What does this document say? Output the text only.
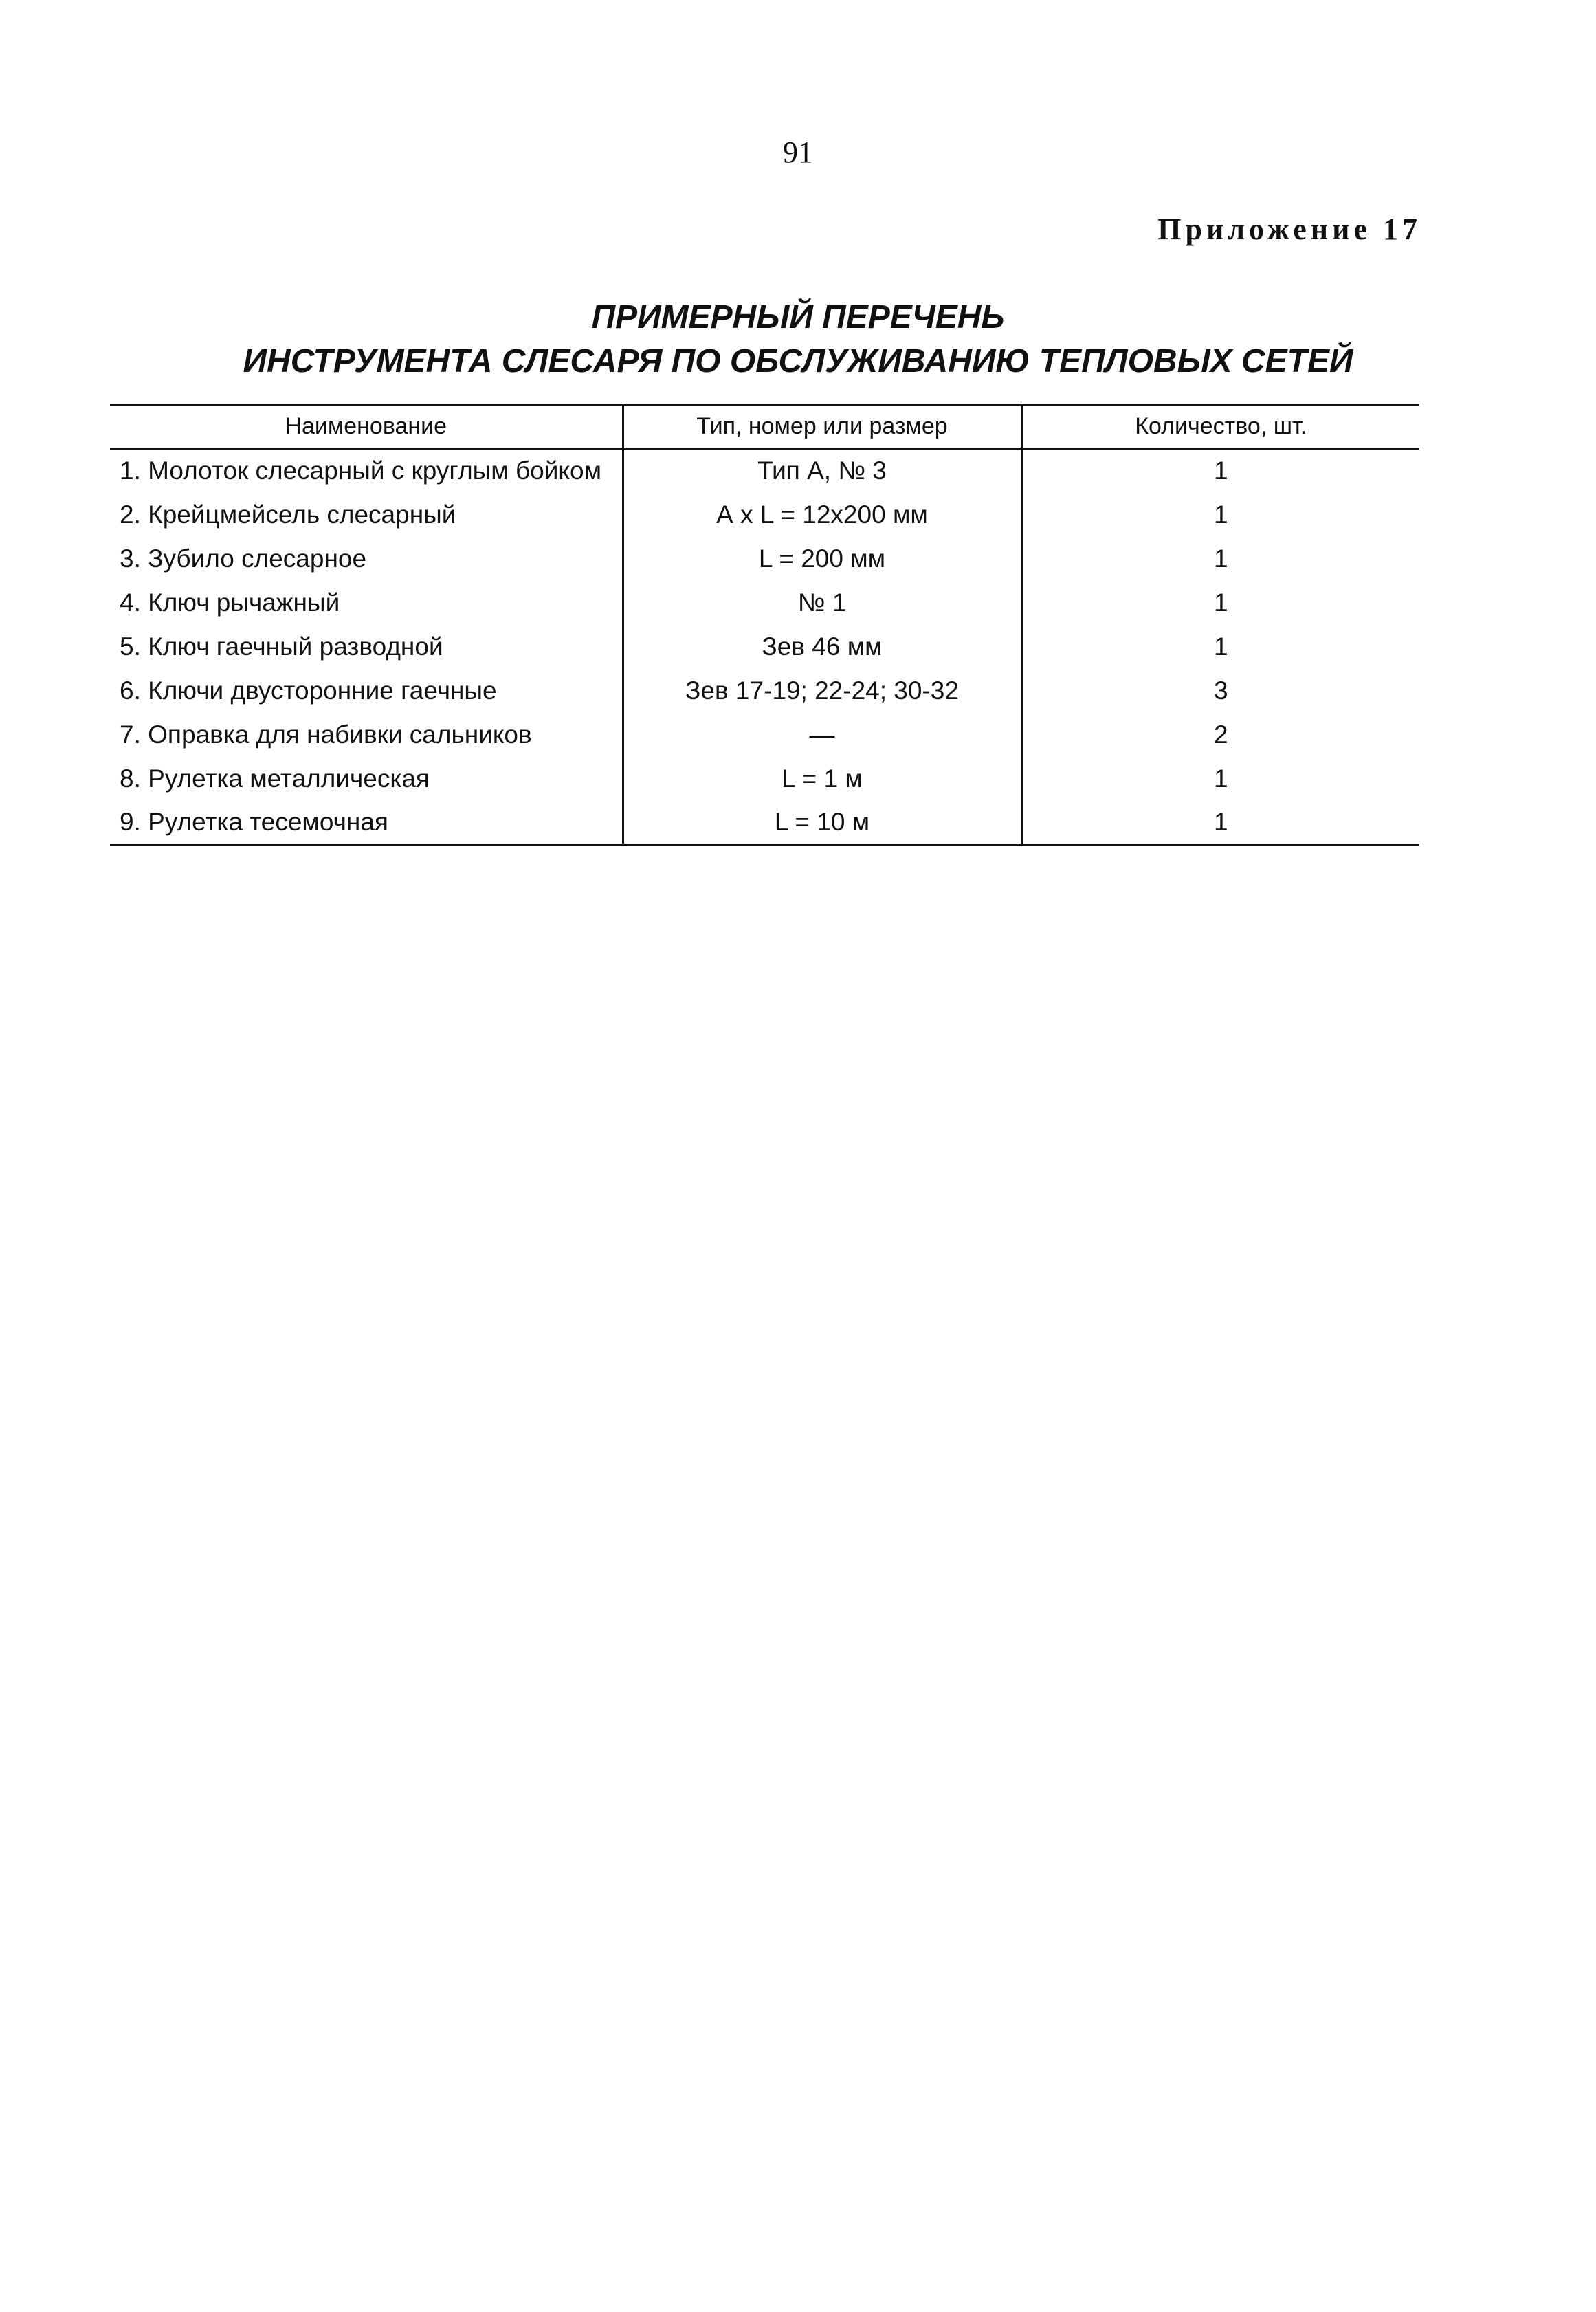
91
Приложение 17
ПРИМЕРНЫЙ ПЕРЕЧЕНЬ
ИНСТРУМЕНТА СЛЕСАРЯ ПО ОБСЛУЖИВАНИЮ ТЕПЛОВЫХ СЕТЕЙ
Наименование	Тип, номер или размер	Количество, шт.
1. Молоток слесарный с круглым бойком	Тип А, № 3	1
2. Крейцмейсель слесарный	А x L = 12x200 мм	1
3. Зубило слесарное	L = 200 мм	1
4. Ключ рычажный	№ 1	1
5. Ключ гаечный разводной	Зев 46 мм	1
6. Ключи двусторонние гаечные	Зев 17-19; 22-24; 30-32	3
7. Оправка для набивки сальников	—	2
8. Рулетка металлическая	L = 1 м	1
9. Рулетка тесемочная	L = 10 м	1
